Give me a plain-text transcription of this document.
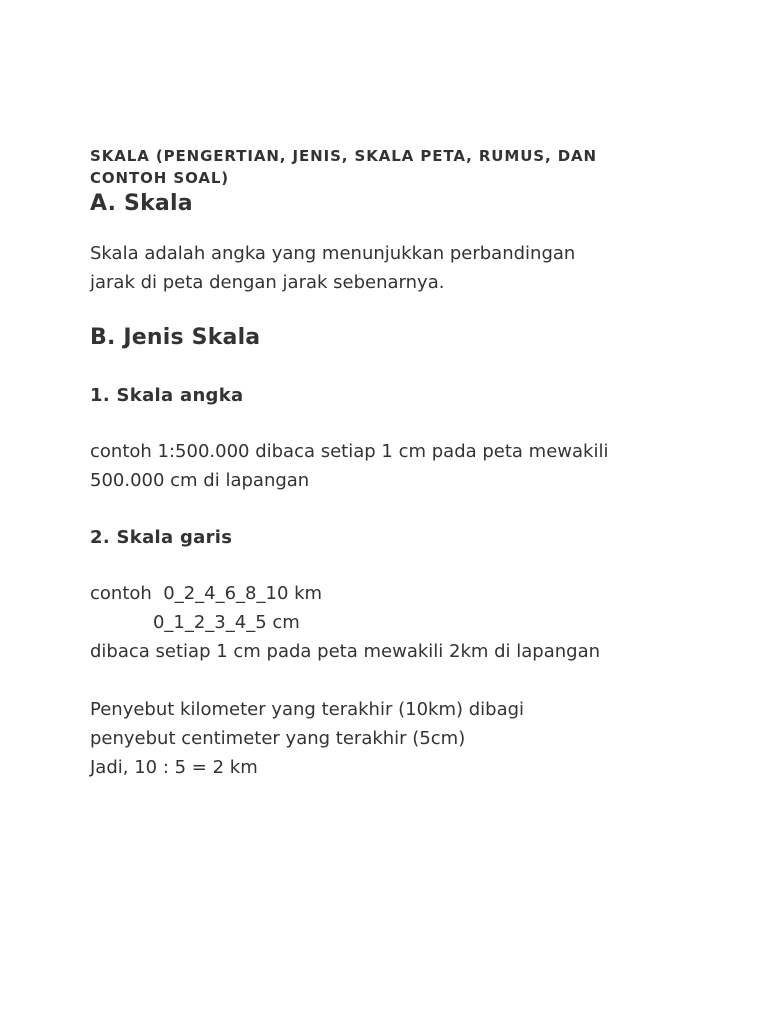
SKALA (PENGERTIAN, JENIS, SKALA PETA, RUMUS, DAN CONTOH SOAL)

A. Skala

Skala adalah angka yang menunjukkan perbandingan
jarak di peta dengan jarak sebenarnya.

B. Jenis Skala
1. Skala angka

contoh 1:500.000 dibaca setiap 1 cm pada peta mewakili
500.000 cm di lapangan

2. Skala garis

contoh  0_2_4_6_8_10 km
0_1_2_3_4_5 cm
dibaca setiap 1 cm pada peta mewakili 2km di lapangan

Penyebut kilometer yang terakhir (10km) dibagi
penyebut centimeter yang terakhir (5cm)
Jadi, 10 : 5 = 2 km
